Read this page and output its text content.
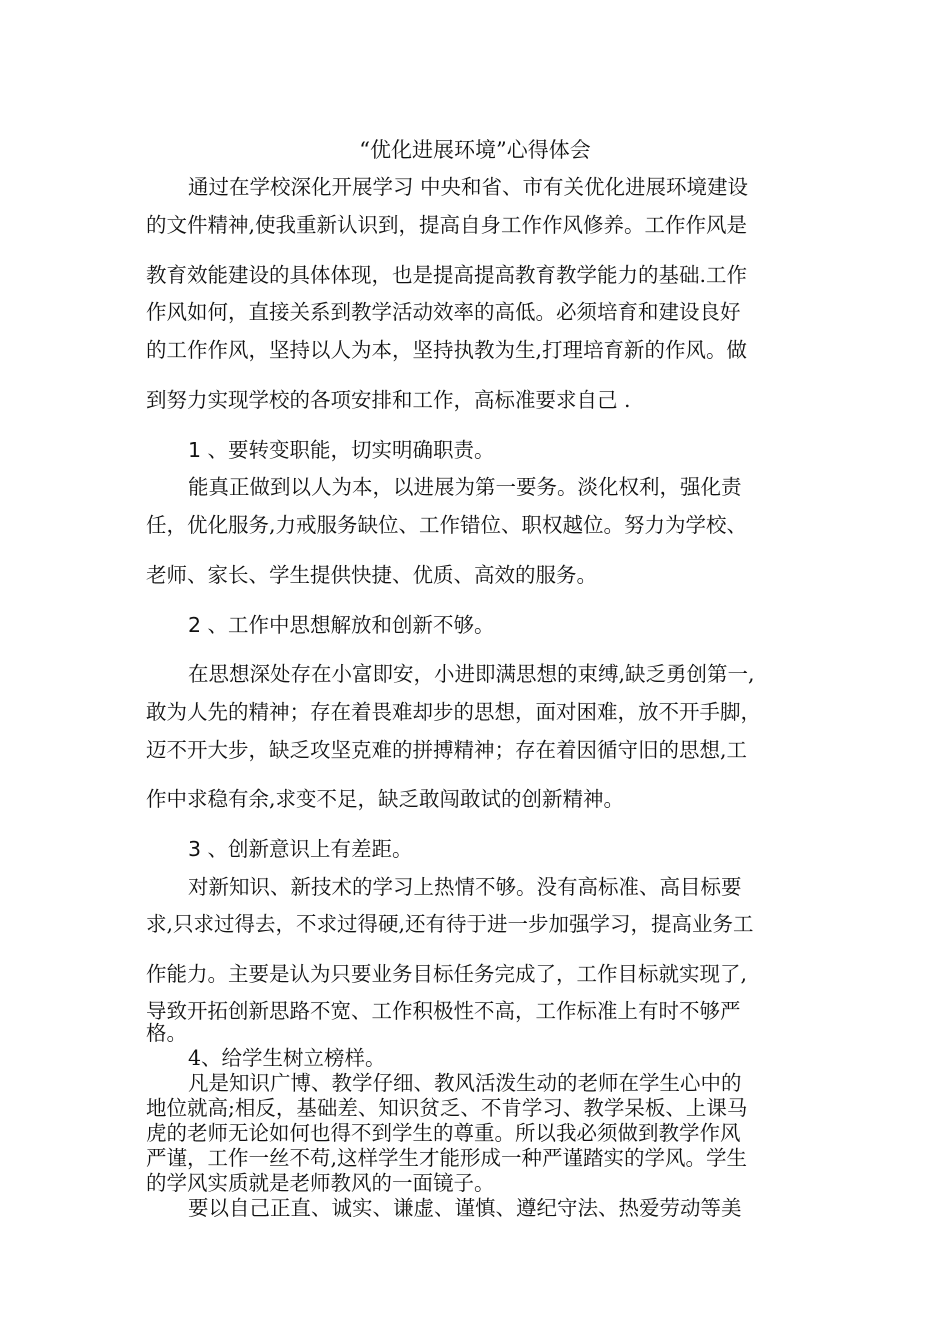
“优化进展环境”心得体会
通过在学校深化开展学习 中央和省、市有关优化进展环境建设
的文件精神,使我重新认识到，提高自身工作作风修养。工作作风是
教育效能建设的具体体现，也是提高提高教育教学能力的基础.工作
作风如何，直接关系到教学活动效率的高低。必须培育和建设良好
的工作作风，坚持以人为本，坚持执教为生,打理培育新的作风。做
到努力实现学校的各项安排和工作，高标准要求自己 .
1 、要转变职能，切实明确职责。
能真正做到以人为本，以进展为第一要务。淡化权利，强化责
任，优化服务,力戒服务缺位、工作错位、职权越位。努力为学校、
老师、家长、学生提供快捷、优质、高效的服务。
2 、工作中思想解放和创新不够。
在思想深处存在小富即安，小进即满思想的束缚,缺乏勇创第一,
敢为人先的精神；存在着畏难却步的思想，面对困难，放不开手脚，
迈不开大步，缺乏攻坚克难的拼搏精神；存在着因循守旧的思想,工
作中求稳有余,求变不足，缺乏敢闯敢试的创新精神。
3 、创新意识上有差距。
对新知识、新技术的学习上热情不够。没有高标准、高目标要
求,只求过得去，不求过得硬,还有待于进一步加强学习，提高业务工
作能力。主要是认为只要业务目标任务完成了，工作目标就实现了,
导致开拓创新思路不宽、工作积极性不高，工作标准上有时不够严
格。
4、给学生树立榜样。
凡是知识广博、教学仔细、教风活泼生动的老师在学生心中的
地位就高;相反，基础差、知识贫乏、不肯学习、教学呆板、上课马
虎的老师无论如何也得不到学生的尊重。所以我必须做到教学作风
严谨，工作一丝不苟,这样学生才能形成一种严谨踏实的学风。学生
的学风实质就是老师教风的一面镜子。
要以自己正直、诚实、谦虚、谨慎、遵纪守法、热爱劳动等美
